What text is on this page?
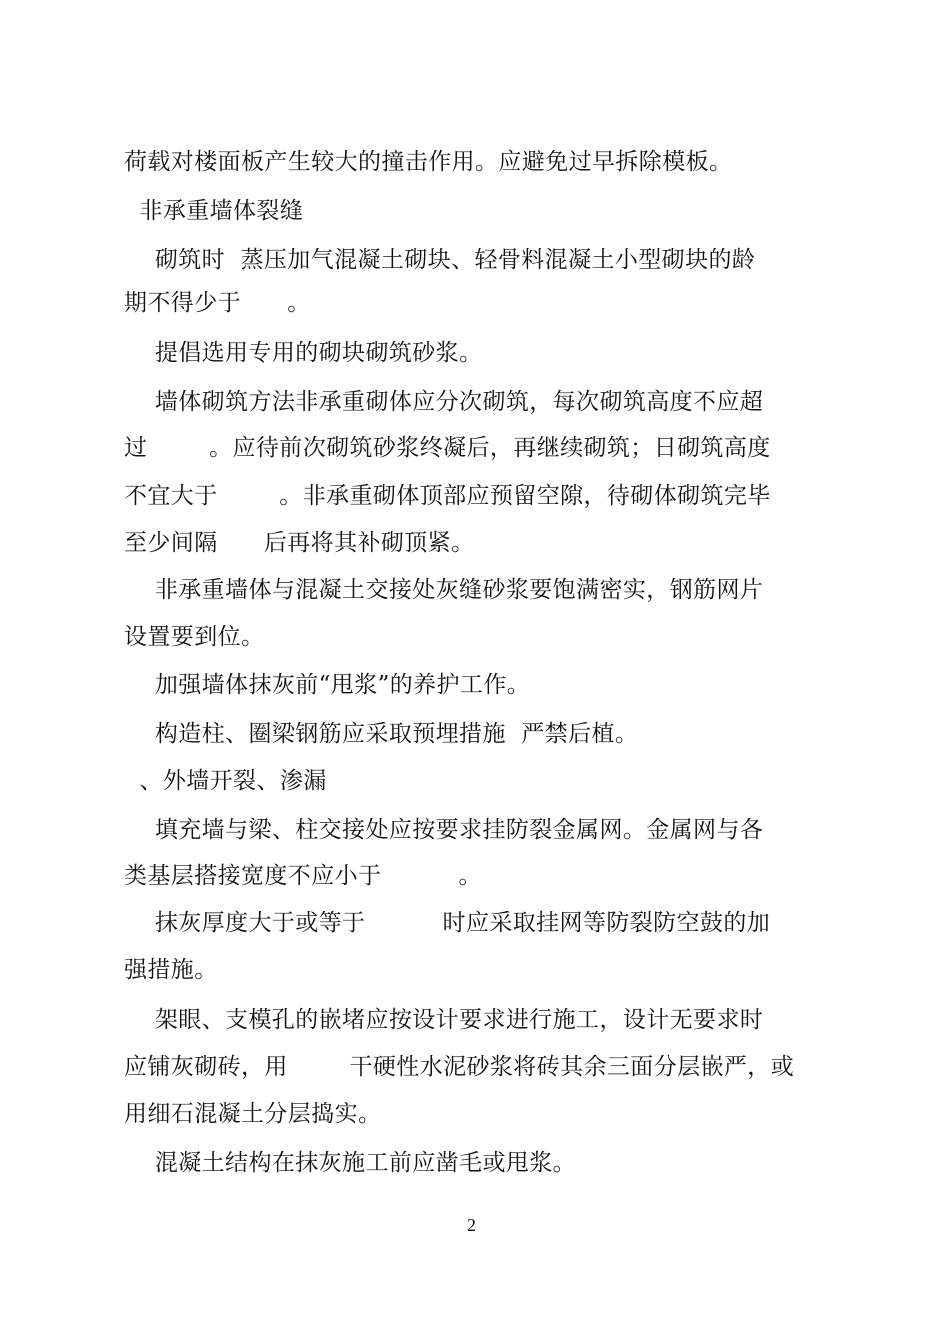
荷载对楼面板产生较大的撞击作用。应避免过早拆除模板。
非承重墙体裂缝
砌筑时  蒸压加气混凝土砌块、轻骨料混凝土小型砌块的龄
期不得少于      。
提倡选用专用的砌块砌筑砂浆。
墙体砌筑方法非承重砌体应分次砌筑，每次砌筑高度不应超
过        。应待前次砌筑砂浆终凝后，再继续砌筑；日砌筑高度
不宜大于        。非承重砌体顶部应预留空隙，待砌体砌筑完毕
至少间隔      后再将其补砌顶紧。
非承重墙体与混凝土交接处灰缝砂浆要饱满密实，钢筋网片
设置要到位。
加强墙体抹灰前“甩浆”的养护工作。
构造柱、圈梁钢筋应采取预埋措施  严禁后植。
、外墙开裂、渗漏
填充墙与梁、柱交接处应按要求挂防裂金属网。金属网与各
类基层搭接宽度不应小于          。
抹灰厚度大于或等于          时应采取挂网等防裂防空鼓的加
强措施。
架眼、支模孔的嵌堵应按设计要求进行施工，设计无要求时
应铺灰砌砖，用        干硬性水泥砂浆将砖其余三面分层嵌严，或
用细石混凝土分层捣实。
混凝土结构在抹灰施工前应凿毛或甩浆。
2
